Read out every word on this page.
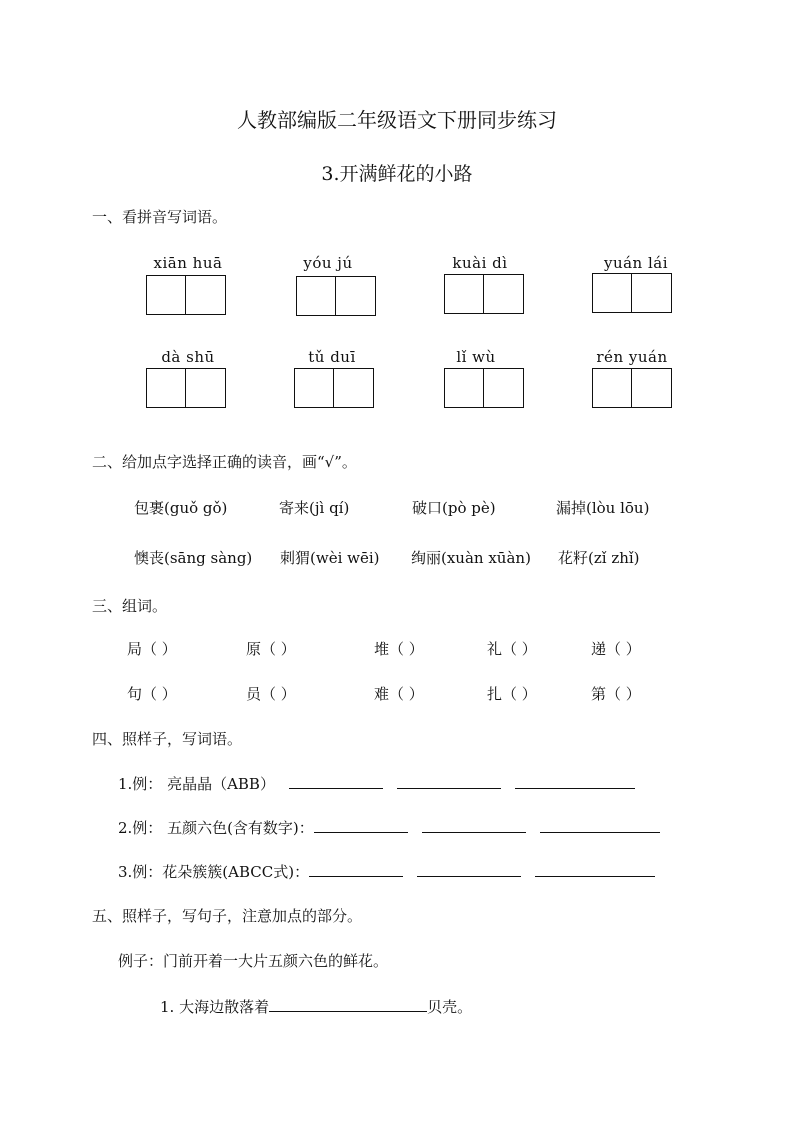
人教部编版二年级语文下册同步练习
3.开满鲜花的小路
一、看拼音写词语。
xiān huā	yóu jú	kuài dì	yuán lái
dà shū	tǔ duī	lǐ wù	rén yuán
二、给加点字选择正确的读音，画“√”。
包裹(guǒ gǒ)	寄来(jì qí)	破口(pò pè)	漏掉(lòu lōu)
懊丧(sāng sàng) 刺猬(wèi wēi) 绚丽(xuàn xūàn) 花籽(zǐ zhǐ)
三、组词。
局（ ）	原（ ）	堆（ ）	礼（ ）	递（ ）
句（ ）	员（ ）	难（ ）	扎（ ）	第（ ）
四、照样子，写词语。
1.例： 亮晶晶（ABB）
2.例： 五颜六色(含有数字)：
3.例：花朵簇簇(ABCC式)：
五、照样子，写句子，注意加点的部分。
例子：门前开着一大片五颜六色的鲜花。
1. 大海边散落着	贝壳。
